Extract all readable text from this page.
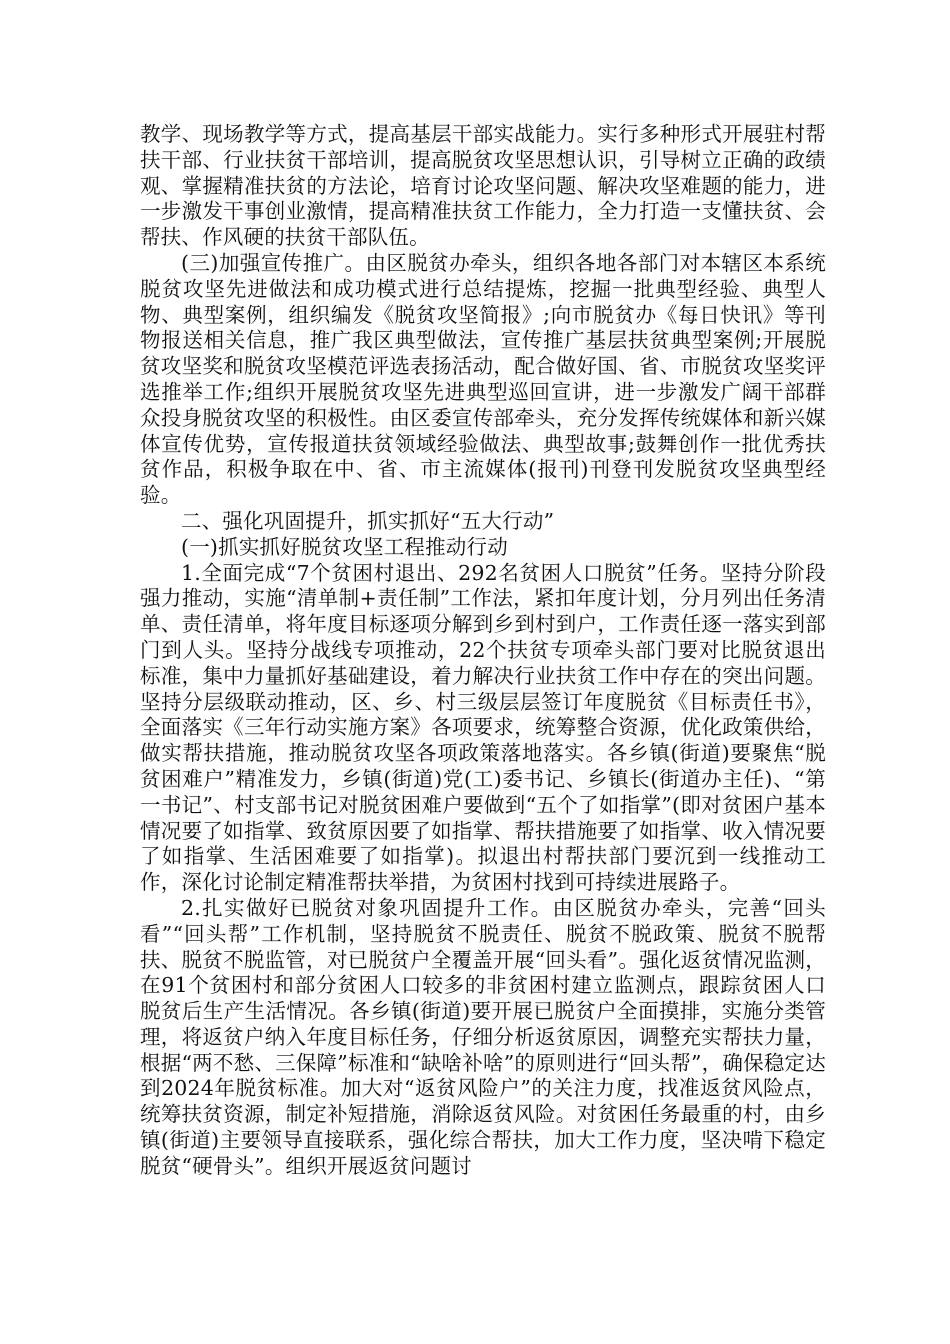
教学、现场教学等方式，提高基层干部实战能力。实行多种形式开展驻村帮扶干部、行业扶贫干部培训，提高脱贫攻坚思想认识，引导树立正确的政绩观、掌握精准扶贫的方法论，培育讨论攻坚问题、解决攻坚难题的能力，进一步激发干事创业激情，提高精准扶贫工作能力，全力打造一支懂扶贫、会帮扶、作风硬的扶贫干部队伍。

(三)加强宣传推广。由区脱贫办牵头，组织各地各部门对本辖区本系统脱贫攻坚先进做法和成功模式进行总结提炼，挖掘一批典型经验、典型人物、典型案例，组织编发《脱贫攻坚简报》;向市脱贫办《每日快讯》等刊物报送相关信息，推广我区典型做法，宣传推广基层扶贫典型案例;开展脱贫攻坚奖和脱贫攻坚模范评选表扬活动，配合做好国、省、市脱贫攻坚奖评选推举工作;组织开展脱贫攻坚先进典型巡回宣讲，进一步激发广阔干部群众投身脱贫攻坚的积极性。由区委宣传部牵头，充分发挥传统媒体和新兴媒体宣传优势，宣传报道扶贫领域经验做法、典型故事;鼓舞创作一批优秀扶贫作品，积极争取在中、省、市主流媒体(报刊)刊登刊发脱贫攻坚典型经验。

二、强化巩固提升，抓实抓好“五大行动”

(一)抓实抓好脱贫攻坚工程推动行动

1.全面完成“7个贫困村退出、292名贫困人口脱贫”任务。坚持分阶段强力推动，实施“清单制+责任制”工作法，紧扣年度计划，分月列出任务清单、责任清单，将年度目标逐项分解到乡到村到户，工作责任逐一落实到部门到人头。坚持分战线专项推动，22个扶贫专项牵头部门要对比脱贫退出标准，集中力量抓好基础建设，着力解决行业扶贫工作中存在的突出问题。坚持分层级联动推动，区、乡、村三级层层签订年度脱贫《目标责任书》，全面落实《三年行动实施方案》各项要求，统筹整合资源，优化政策供给，做实帮扶措施，推动脱贫攻坚各项政策落地落实。各乡镇(街道)要聚焦“脱贫困难户”精准发力，乡镇(街道)党(工)委书记、乡镇长(街道办主任)、“第一书记”、村支部书记对脱贫困难户要做到“五个了如指掌”(即对贫困户基本情况要了如指掌、致贫原因要了如指掌、帮扶措施要了如指掌、收入情况要了如指掌、生活困难要了如指掌)。拟退出村帮扶部门要沉到一线推动工作，深化讨论制定精准帮扶举措，为贫困村找到可持续进展路子。

2.扎实做好已脱贫对象巩固提升工作。由区脱贫办牵头，完善“回头看”“回头帮”工作机制，坚持脱贫不脱责任、脱贫不脱政策、脱贫不脱帮扶、脱贫不脱监管，对已脱贫户全覆盖开展“回头看”。强化返贫情况监测，在91个贫困村和部分贫困人口较多的非贫困村建立监测点，跟踪贫困人口脱贫后生产生活情况。各乡镇(街道)要开展已脱贫户全面摸排，实施分类管理，将返贫户纳入年度目标任务，仔细分析返贫原因，调整充实帮扶力量，根据“两不愁、三保障”标准和“缺啥补啥”的原则进行“回头帮”，确保稳定达到2024年脱贫标准。加大对“返贫风险户”的关注力度，找准返贫风险点，统筹扶贫资源，制定补短措施，消除返贫风险。对贫困任务最重的村，由乡镇(街道)主要领导直接联系，强化综合帮扶，加大工作力度，坚决啃下稳定脱贫“硬骨头”。组织开展返贫问题讨
